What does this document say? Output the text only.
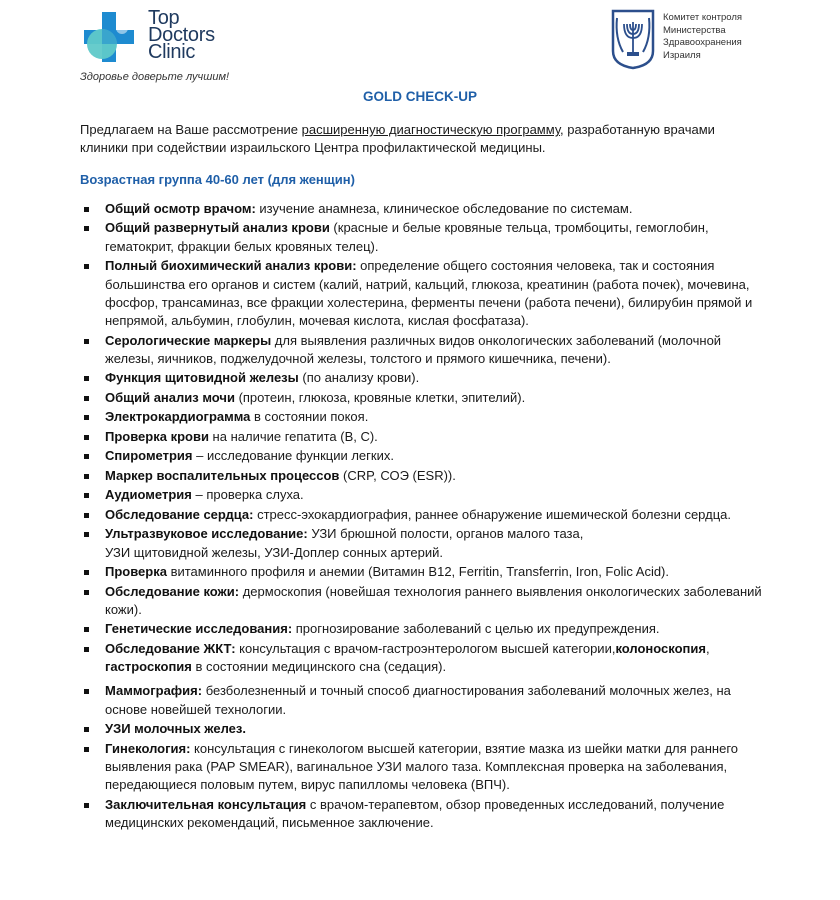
Top
Doctors
Clinic
Здоровье доверьте лучшим!
Комитет контроля
Министерства
Здравоохранения
Израиля
GOLD CHECK-UP

Предлагаем на Ваше рассмотрение расширенную диагностическую программу, разработанную врачами клиники при содействии израильского Центра профилактической медицины.

Возрастная группа 40-60 лет (для женщин)
Общий осмотр врачом: изучение анамнеза, клиническое обследование по системам.
Общий развернутый анализ крови (красные и белые кровяные тельца, тромбоциты, гемоглобин, гематокрит, фракции белых кровяных телец).
Полный биохимический анализ крови: определение общего состояния человека, так и состояния большинства его органов и систем (калий, натрий, кальций, глюкоза, креатинин (работа почек), мочевина, фосфор, трансаминаз, все фракции холестерина, ферменты печени (работа печени), билирубин прямой и непрямой, альбумин, глобулин, мочевая кислота, кислая фосфатаза).
Серологические маркеры для выявления различных видов онкологических заболеваний (молочной железы, яичников, поджелудочной железы, толстого и прямого кишечника, печени).
Функция щитовидной железы (по анализу крови).
Общий анализ мочи (протеин, глюкоза, кровяные клетки, эпителий).
Электрокардиограмма в состоянии покоя.
Проверка крови на наличие гепатита (B, C).
Спирометрия – исследование функции легких.
Маркер воспалительных процессов (CRP, СОЭ (ESR)).
Аудиометрия – проверка слуха.
Обследование сердца: стресс-эхокардиография, раннее обнаружение ишемической болезни сердца.
Ультразвуковое исследование: УЗИ брюшной полости, органов малого таза,
УЗИ щитовидной железы, УЗИ-Доплер сонных артерий.
Проверка витаминного профиля и анемии (Витамин B12, Ferritin, Transferrin, Iron, Folic Acid).
Обследование кожи: дермоскопия (новейшая технология раннего выявления онкологических заболеваний кожи).
Генетические исследования: прогнозирование заболеваний с целью их предупреждения.
Обследование ЖКТ: консультация с врачом-гастроэнтерологом высшей категории,колоноскопия, гастроскопия в состоянии медицинского сна (седация).
Маммография: безболезненный и точный способ диагностирования заболеваний молочных желез, на основе новейшей технологии.
УЗИ молочных желез.
Гинекология: консультация с гинекологом высшей категории, взятие мазка из шейки матки для раннего выявления рака (PAP SMEAR), вагинальное УЗИ малого таза. Комплексная проверка на заболевания, передающиеся половым путем, вирус папилломы человека (ВПЧ).
Заключительная консультация с врачом-терапевтом, обзор проведенных исследований, получение медицинских рекомендаций, письменное заключение.
